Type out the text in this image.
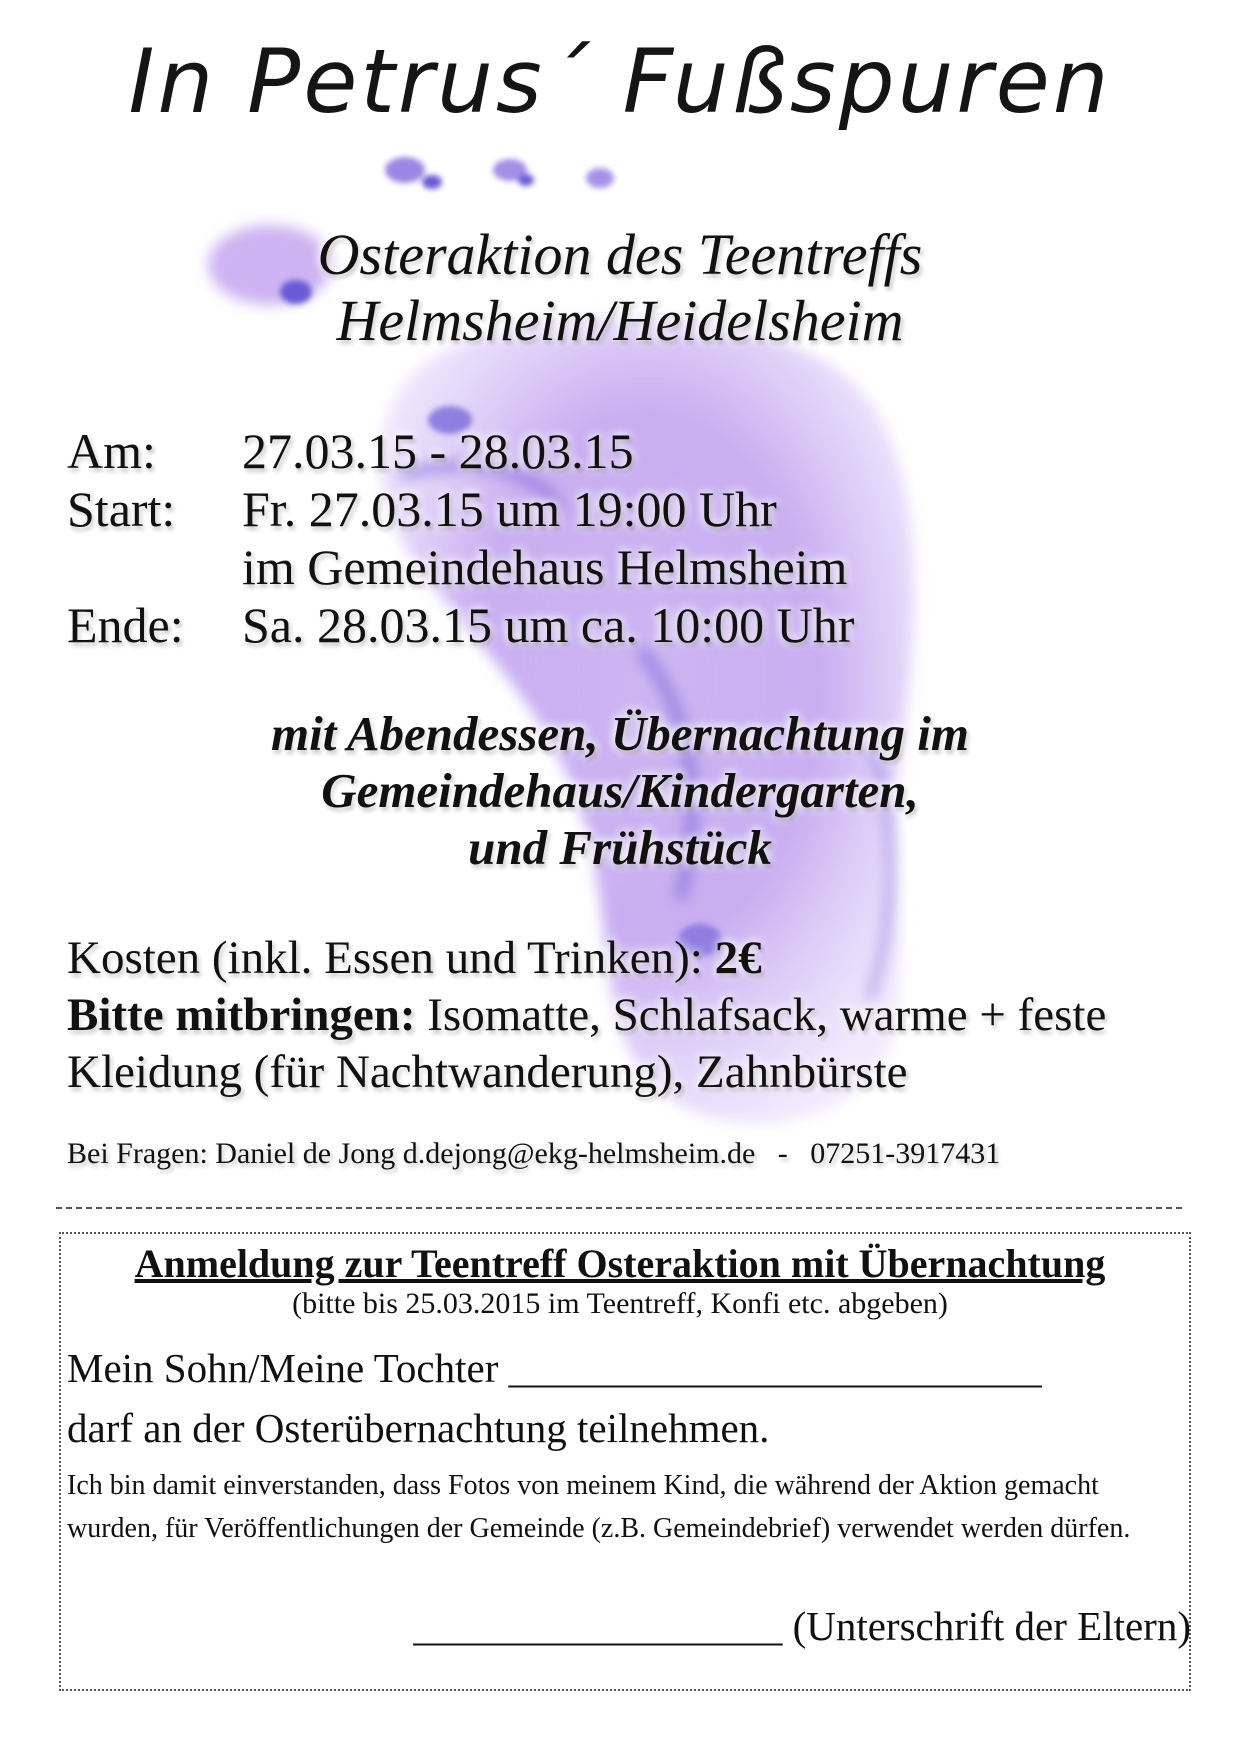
In Petrus´ Fußspuren
Osteraktion des Teentreffs
Helmsheim/Heidelsheim
Am:	27.03.15 - 28.03.15
Start:	Fr. 27.03.15 um 19:00 Uhr
im Gemeindehaus Helmsheim
Ende:	Sa. 28.03.15 um ca. 10:00 Uhr
mit Abendessen, Übernachtung im
Gemeindehaus/Kindergarten,
und Frühstück
Kosten (inkl. Essen und Trinken): 2€
Bitte mitbringen: Isomatte, Schlafsack, warme + feste Kleidung (für Nachtwanderung), Zahnbürste
Bei Fragen: Daniel de Jong d.dejong@ekg-helmsheim.de   -   07251-3917431
Anmeldung zur Teentreff Osteraktion mit Übernachtung
(bitte bis 25.03.2015 im Teentreff, Konfi etc. abgeben)
Mein Sohn/Meine Tochter __________________________
darf an der Osterübernachtung teilnehmen.
Ich bin damit einverstanden, dass Fotos von meinem Kind, die während der Aktion gemacht wurden, für Veröffentlichungen der Gemeinde (z.B. Gemeindebrief) verwendet werden dürfen.
__________________ (Unterschrift der Eltern)
